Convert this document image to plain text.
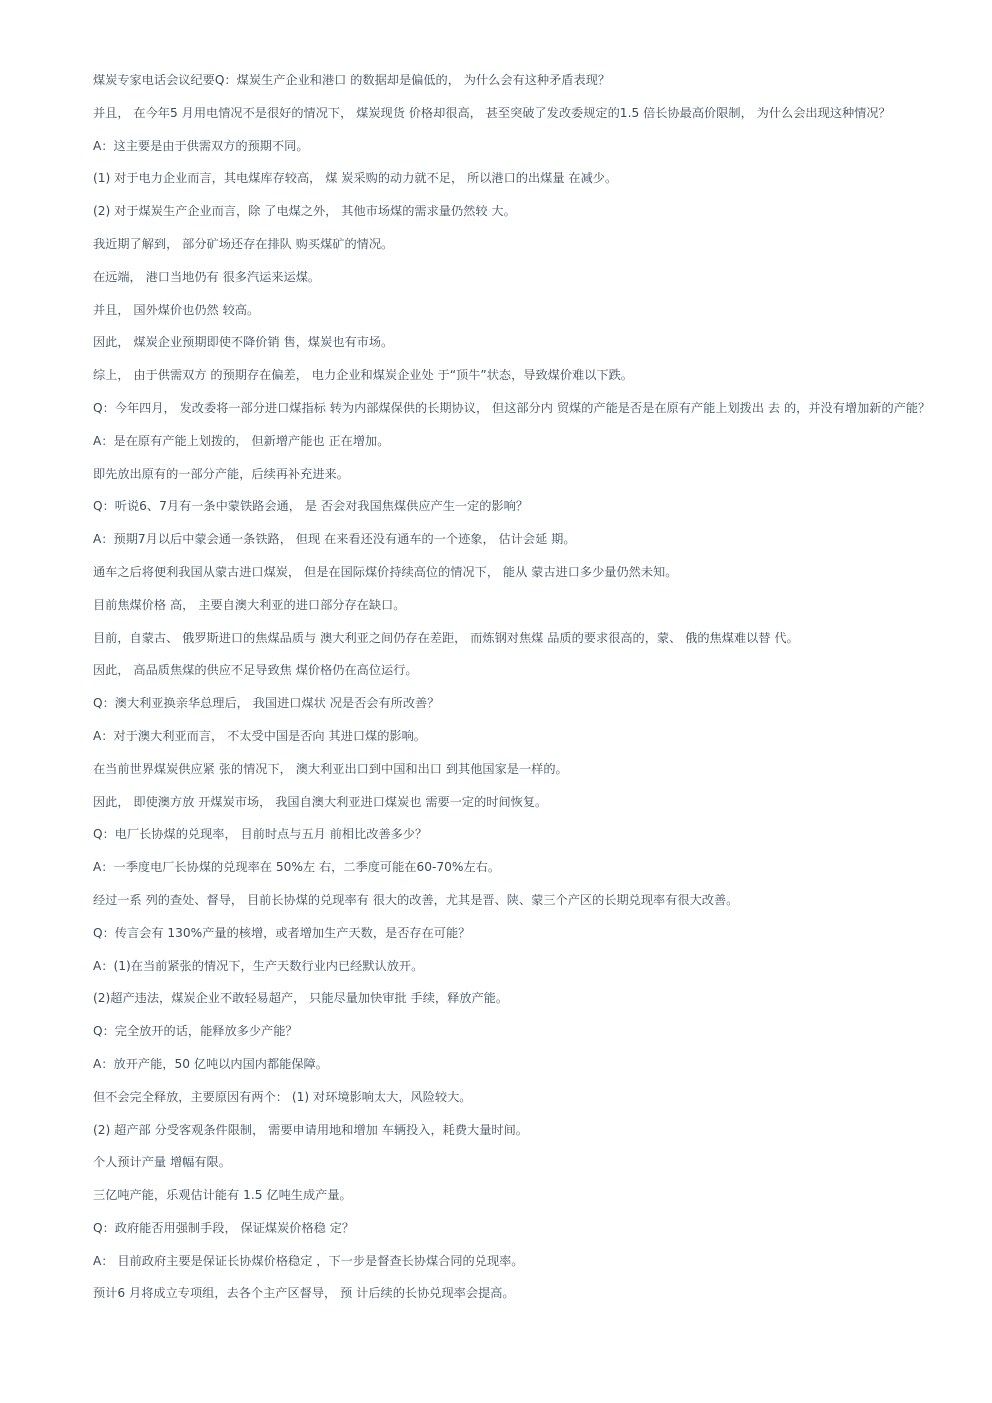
煤炭专家电话会议纪要Q：煤炭生产企业和港口 的数据却是偏低的， 为什么会有这种矛盾表现？

并且， 在今年5 月用电情况不是很好的情况下， 煤炭现货 价格却很高， 甚至突破了发改委规定的1.5 倍长协最高价限制， 为什么会出现这种情况？

A：这主要是由于供需双方的预期不同。

(1) 对于电力企业而言，其电煤库存较高， 煤 炭采购的动力就不足， 所以港口的出煤量 在减少。

(2) 对于煤炭生产企业而言，除 了电煤之外， 其他市场煤的需求量仍然较 大。

我近期了解到， 部分矿场还存在排队 购买煤矿的情况。

在远端， 港口当地仍有 很多汽运来运煤。

并且， 国外煤价也仍然 较高。

因此， 煤炭企业预期即使不降价销 售，煤炭也有市场。

综上， 由于供需双方 的预期存在偏差， 电力企业和煤炭企业处 于“顶牛”状态，导致煤价难以下跌。

Q：今年四月， 发改委将一部分进口煤指标 转为内部煤保供的长期协议， 但这部分内 贸煤的产能是否是在原有产能上划拨出 去 的，并没有增加新的产能？

A：是在原有产能上划拨的， 但新增产能也 正在增加。

即先放出原有的一部分产能，后续再补充进来。

Q：听说6、7月有一条中蒙铁路会通， 是 否会对我国焦煤供应产生一定的影响？

A：预期7月以后中蒙会通一条铁路， 但现 在来看还没有通车的一个迹象， 估计会延 期。

通车之后将便利我国从蒙古进口煤炭， 但是在国际煤价持续高位的情况下， 能从 蒙古进口多少量仍然未知。

目前焦煤价格 高， 主要自澳大利亚的进口部分存在缺口。

目前，自蒙古、 俄罗斯进口的焦煤品质与 澳大利亚之间仍存在差距， 而炼钢对焦煤 品质的要求很高的，蒙、 俄的焦煤难以替 代。

因此， 高品质焦煤的供应不足导致焦 煤价格仍在高位运行。

Q：澳大利亚换亲华总理后， 我国进口煤状 况是否会有所改善？

A：对于澳大利亚而言， 不太受中国是否向 其进口煤的影响。

在当前世界煤炭供应紧 张的情况下， 澳大利亚出口到中国和出口 到其他国家是一样的。

因此， 即使澳方放 开煤炭市场， 我国自澳大利亚进口煤炭也 需要一定的时间恢复。

Q：电厂长协煤的兑现率， 目前时点与五月 前相比改善多少？

A：一季度电厂长协煤的兑现率在 50%左 右，二季度可能在60-70%左右。

经过一系 列的查处、督导， 目前长协煤的兑现率有 很大的改善，尤其是晋、陕、蒙三个产区的长期兑现率有很大改善。

Q：传言会有 130%产量的核增，或者增加生产天数，是否存在可能？

A：(1)在当前紧张的情况下，生产天数行业内已经默认放开。

(2)超产违法，煤炭企业不敢轻易超产， 只能尽量加快审批 手续，释放产能。

Q：完全放开的话，能释放多少产能？

A：放开产能，50 亿吨以内国内都能保障。

但不会完全释放，主要原因有两个： (1) 对环境影响太大，风险较大。

(2) 超产部 分受客观条件限制， 需要申请用地和增加 车辆投入，耗费大量时间。

个人预计产量 增幅有限。

三亿吨产能，乐观估计能有 1.5 亿吨生成产量。

Q：政府能否用强制手段， 保证煤炭价格稳 定？

A： 目前政府主要是保证长协煤价格稳定 ，下一步是督查长协煤合同的兑现率。

预计6 月将成立专项组，去各个主产区督导， 预 计后续的长协兑现率会提高。
